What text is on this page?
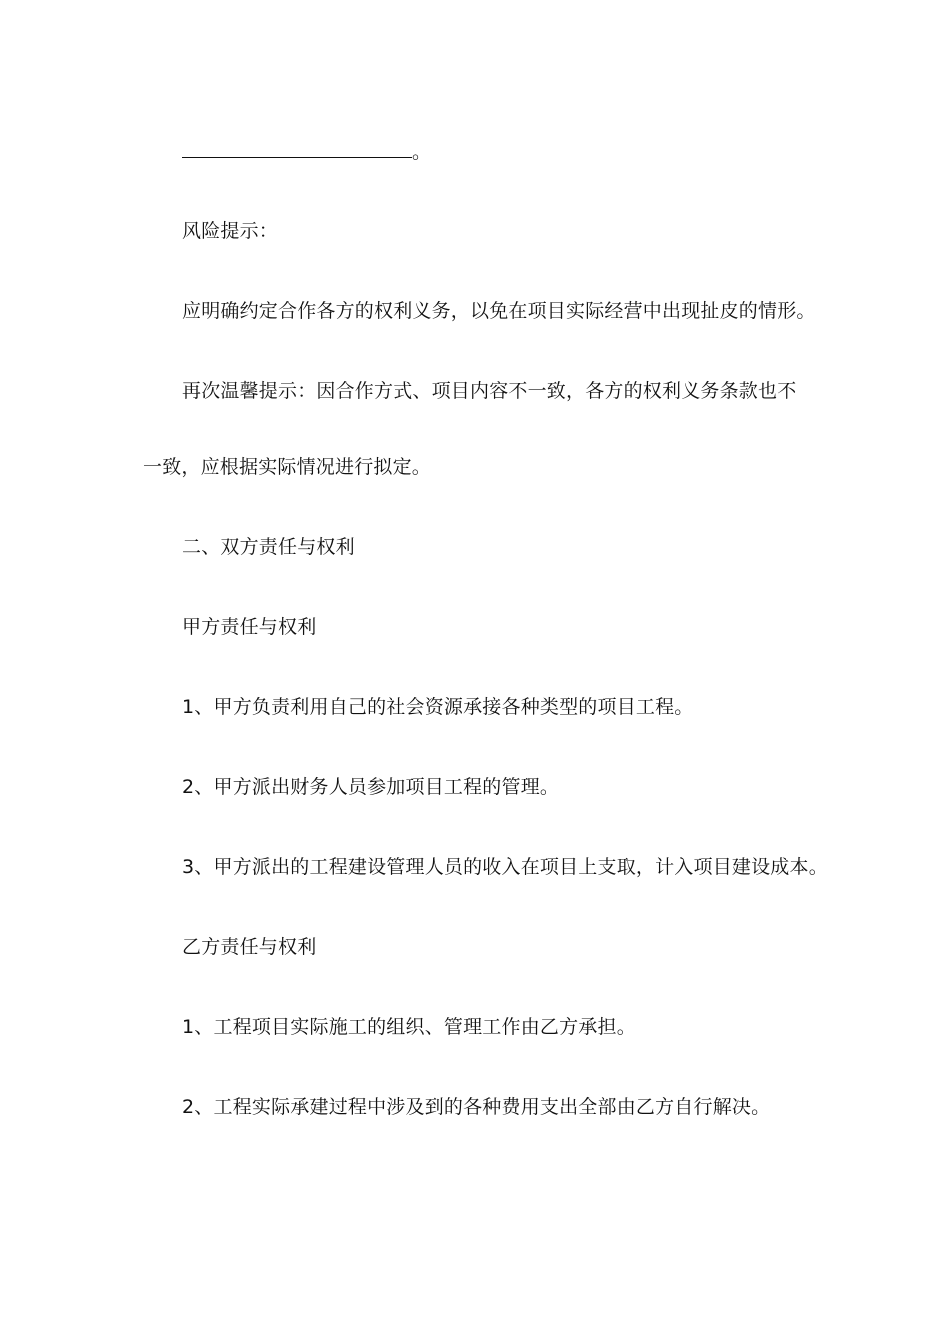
。
风险提示：
应明确约定合作各方的权利义务，以免在项目实际经营中出现扯皮的情形。
再次温馨提示：因合作方式、项目内容不一致，各方的权利义务条款也不
一致，应根据实际情况进行拟定。
二、双方责任与权利
甲方责任与权利
1、甲方负责利用自己的社会资源承接各种类型的项目工程。
2、甲方派出财务人员参加项目工程的管理。
3、甲方派出的工程建设管理人员的收入在项目上支取，计入项目建设成本。
乙方责任与权利
1、工程项目实际施工的组织、管理工作由乙方承担。
2、工程实际承建过程中涉及到的各种费用支出全部由乙方自行解决。
